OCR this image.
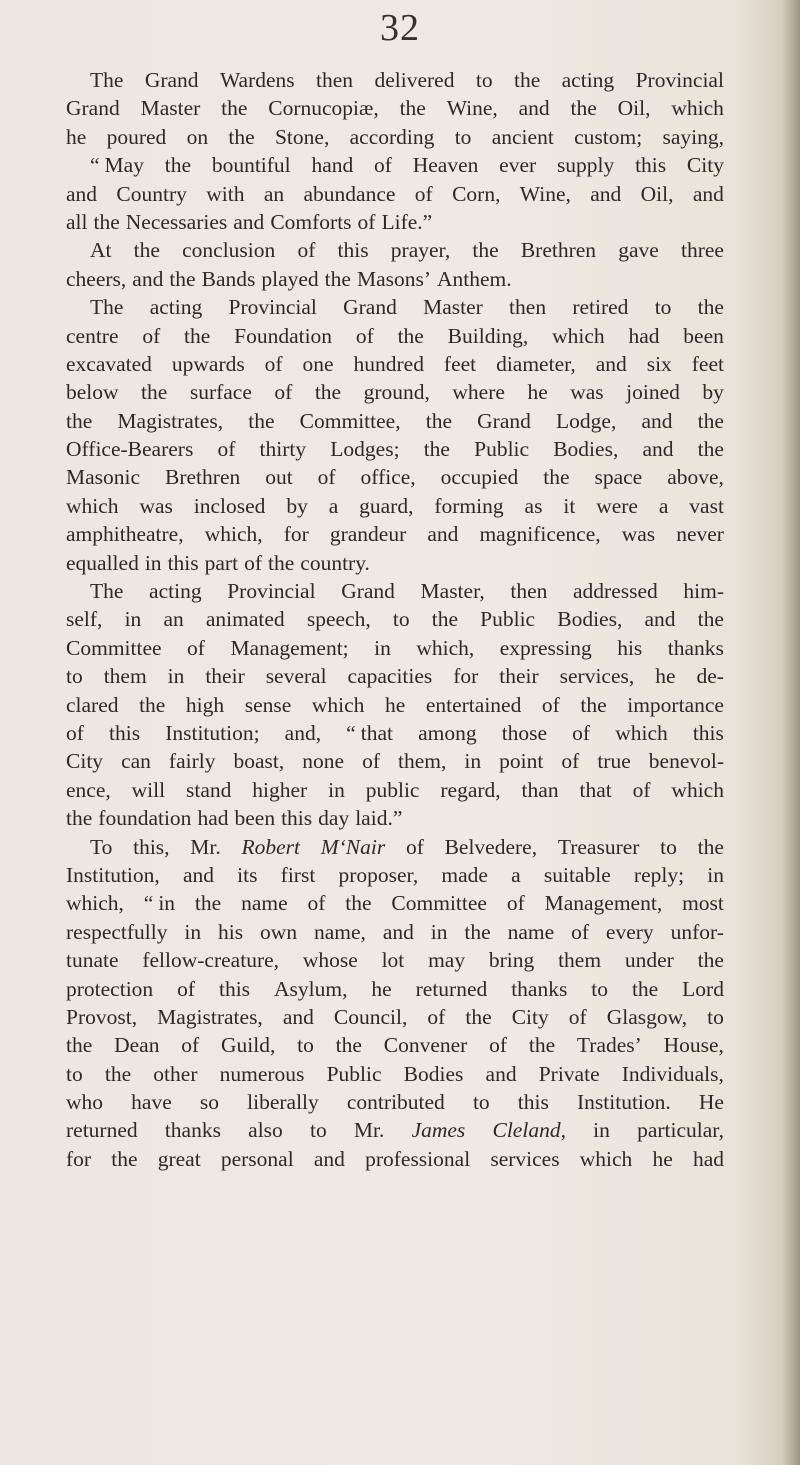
32
The Grand Wardens then delivered to the acting Provincial
Grand Master the Cornucopiæ, the Wine, and the Oil, which
he poured on the Stone, according to ancient custom; saying,
“ May the bountiful hand of Heaven ever supply this City
and Country with an abundance of Corn, Wine, and Oil, and
all the Necessaries and Comforts of Life.”
At the conclusion of this prayer, the Brethren gave three
cheers, and the Bands played the Masons’ Anthem.
The acting Provincial Grand Master then retired to the
centre of the Foundation of the Building, which had been
excavated upwards of one hundred feet diameter, and six feet
below the surface of the ground, where he was joined by
the Magistrates, the Committee, the Grand Lodge, and the
Office-Bearers of thirty Lodges; the Public Bodies, and the
Masonic Brethren out of office, occupied the space above,
which was inclosed by a guard, forming as it were a vast
amphitheatre, which, for grandeur and magnificence, was never
equalled in this part of the country.
The acting Provincial Grand Master, then addressed him-
self, in an animated speech, to the Public Bodies, and the
Committee of Management; in which, expressing his thanks
to them in their several capacities for their services, he de-
clared the high sense which he entertained of the importance
of this Institution; and, “ that among those of which this
City can fairly boast, none of them, in point of true benevol-
ence, will stand higher in public regard, than that of which
the foundation had been this day laid.”
To this, Mr. Robert M‘Nair of Belvedere, Treasurer to the
Institution, and its first proposer, made a suitable reply; in
which, “ in the name of the Committee of Management, most
respectfully in his own name, and in the name of every unfor-
tunate fellow-creature, whose lot may bring them under the
protection of this Asylum, he returned thanks to the Lord
Provost, Magistrates, and Council, of the City of Glasgow, to
the Dean of Guild, to the Convener of the Trades’ House,
to the other numerous Public Bodies and Private Individuals,
who have so liberally contributed to this Institution. He
returned thanks also to Mr. James Cleland, in particular,
for the great personal and professional services which he had
